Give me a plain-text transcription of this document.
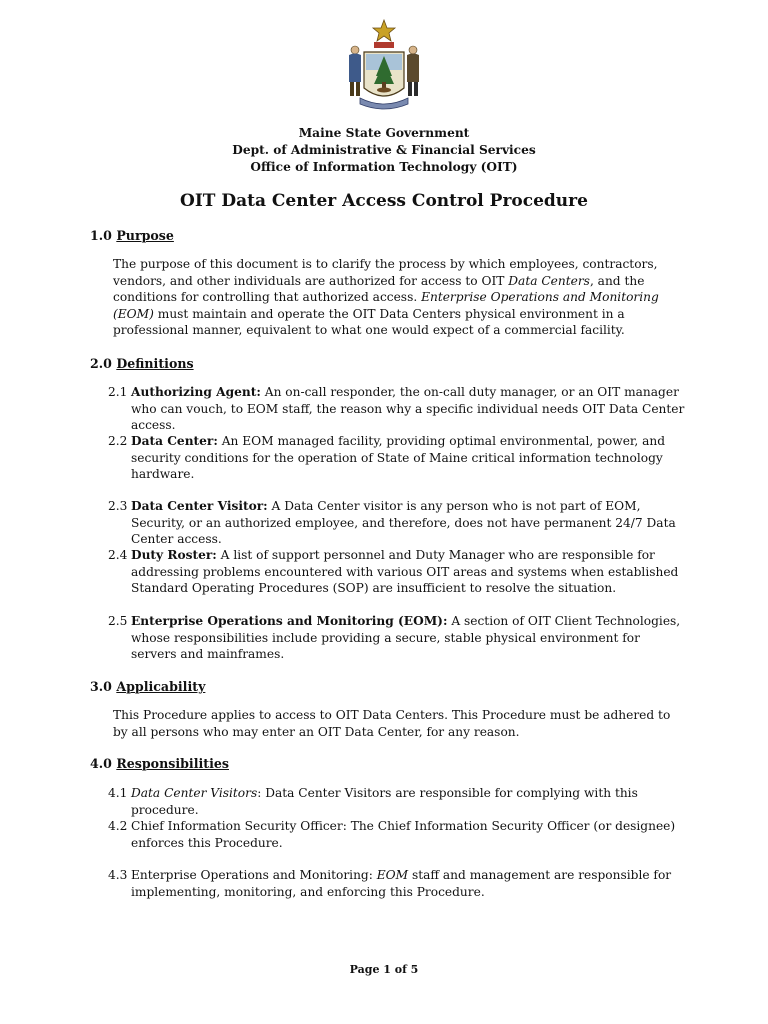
Maine State Government
Dept. of Administrative & Financial Services
Office of Information Technology (OIT)
OIT Data Center Access Control Procedure
1.0 Purpose
The purpose of this document is to clarify the process by which employees, contractors, vendors, and other individuals are authorized for access to OIT Data Centers, and the conditions for controlling that authorized access. Enterprise Operations and Monitoring (EOM) must maintain and operate the OIT Data Centers physical environment in a professional manner, equivalent to what one would expect of a commercial facility.
2.0 Definitions
2.1 Authorizing Agent: An on-call responder, the on-call duty manager, or an OIT manager who can vouch, to EOM staff, the reason why a specific individual needs OIT Data Center access.
2.2 Data Center: An EOM managed facility, providing optimal environmental, power, and security conditions for the operation of State of Maine critical information technology hardware.
2.3 Data Center Visitor: A Data Center visitor is any person who is not part of EOM, Security, or an authorized employee, and therefore, does not have permanent 24/7 Data Center access.
2.4 Duty Roster: A list of support personnel and Duty Manager who are responsible for addressing problems encountered with various OIT areas and systems when established Standard Operating Procedures (SOP) are insufficient to resolve the situation.
2.5 Enterprise Operations and Monitoring (EOM): A section of OIT Client Technologies, whose responsibilities include providing a secure, stable physical environment for servers and mainframes.
3.0 Applicability
This Procedure applies to access to OIT Data Centers. This Procedure must be adhered to by all persons who may enter an OIT Data Center, for any reason.
4.0 Responsibilities
4.1 Data Center Visitors: Data Center Visitors are responsible for complying with this procedure.
4.2 Chief Information Security Officer: The Chief Information Security Officer (or designee) enforces this Procedure.
4.3 Enterprise Operations and Monitoring: EOM staff and management are responsible for implementing, monitoring, and enforcing this Procedure.
Page 1 of 5
